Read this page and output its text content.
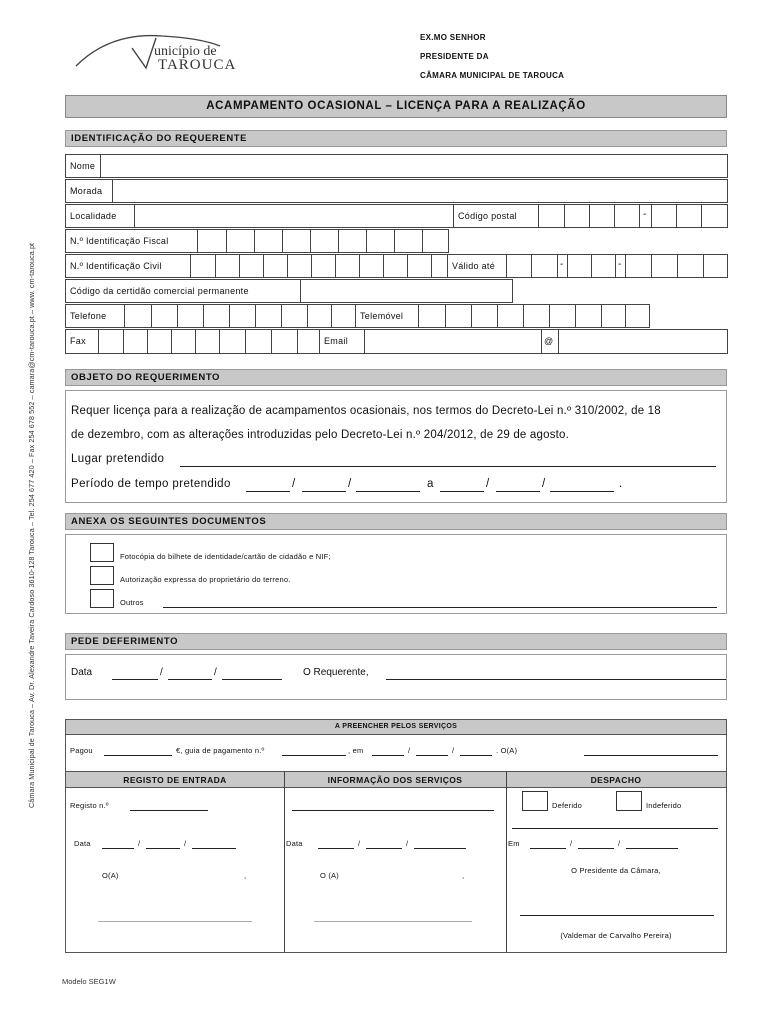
Câmara Municipal de Tarouca – Av. Dr. Alexandre Taveira Cardoso 3610-128 Tarouca – Tel. 254 677 420 – Fax 254 678 552 – camara@cm-tarouca.pt – www. cm-tarouca.pt
unicípio de
TAROUCA
EX.MO SENHOR
PRESIDENTE DA
CÂMARA MUNICIPAL DE TAROUCA
ACAMPAMENTO OCASIONAL – LICENÇA PARA A REALIZAÇÃO
IDENTIFICAÇÃO DO REQUERENTE
Nome
Morada
Localidade	Código postal	-
N.º Identificação Fiscal
N.º Identificação Civil	Válido até	-	-
Código da certidão comercial permanente
Telefone	Telemóvel
Fax	Email	@
OBJETO DO REQUERIMENTO
Requer licença para a realização de acampamentos ocasionais, nos termos do Decreto-Lei n.º 310/2002, de 18
de dezembro, com as alterações introduzidas pelo Decreto-Lei n.º 204/2012, de 29 de agosto.
Lugar pretendido
Período de tempo pretendido	/	/	a	/	/	.
ANEXA OS SEGUINTES DOCUMENTOS
Fotocópia do bilhete de identidade/cartão de cidadão e NIF;
Autorização expressa do proprietário do terreno.
Outros
PEDE DEFERIMENTO
Data	/	/	O Requerente,
A PREENCHER PELOS SERVIÇOS
Pagou	€, guia de pagamento n.º	, em	/	/	. O(A)
REGISTO DE ENTRADA	INFORMAÇÃO DOS SERVIÇOS	DESPACHO
Registo n.º
Data	/	/
O(A)	,
Data	/	/
O (A)	,
Deferido	Indeferido
Em	/	/
O Presidente da Câmara,
(Valdemar de Carvalho Pereira)
Modelo SEG1W
